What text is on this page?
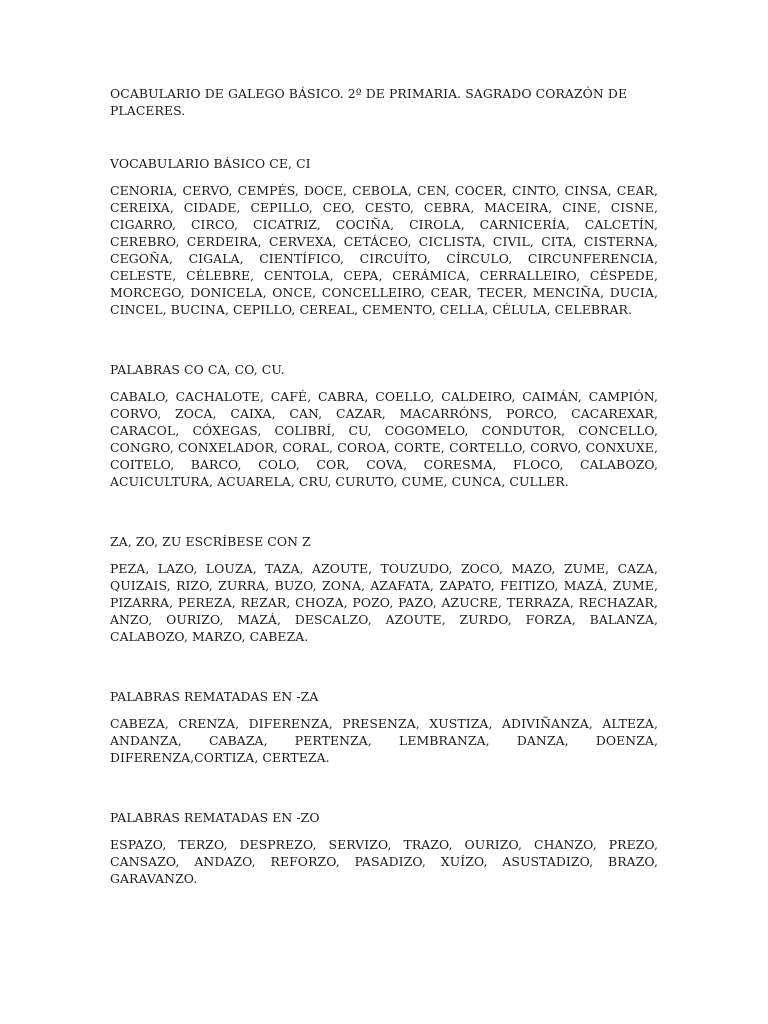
OCABULARIO DE GALEGO BÁSICO. 2º DE PRIMARIA. SAGRADO CORAZÓN DE PLACERES.

VOCABULARIO BÁSICO CE, CI

CENORIA, CERVO, CEMPÉS, DOCE, CEBOLA, CEN, COCER, CINTO, CINSA, CEAR, CEREIXA, CIDADE, CEPILLO, CEO, CESTO, CEBRA, MACEIRA, CINE, CISNE, CIGARRO, CIRCO, CICATRIZ, COCIÑA, CIROLA, CARNICERÍA, CALCETÍN, CEREBRO, CERDEIRA, CERVEXA, CETÁCEO, CICLISTA, CIVIL, CITA, CISTERNA, CEGOÑA, CIGALA, CIENTÍFICO, CIRCUÍTO, CÍRCULO, CIRCUNFERENCIA, CELESTE, CÉLEBRE, CENTOLA, CEPA, CERÁMICA, CERRALLEIRO, CÉSPEDE, MORCEGO, DONICELA, ONCE, CONCELLEIRO, CEAR, TECER, MENCIÑA, DUCIA, CINCEL, BUCINA, CEPILLO, CEREAL, CEMENTO, CELLA, CÉLULA, CELEBRAR.

PALABRAS CO CA, CO, CU.

CABALO, CACHALOTE, CAFÉ, CABRA, COELLO, CALDEIRO, CAIMÁN, CAMPIÓN, CORVO, ZOCA, CAIXA, CAN, CAZAR, MACARRÓNS, PORCO, CACAREXAR, CARACOL, CÓXEGAS, COLIBRÍ, CU, COGOMELO, CONDUTOR, CONCELLO, CONGRO, CONXELADOR, CORAL, COROA, CORTE, CORTELLO, CORVO, CONXUXE, COITELO, BARCO, COLO, COR, COVA, CORESMA, FLOCO, CALABOZO, ACUICULTURA, ACUARELA, CRU, CURUTO, CUME, CUNCA, CULLER.

ZA, ZO, ZU ESCRÍBESE CON Z

PEZA, LAZO, LOUZA, TAZA, AZOUTE, TOUZUDO, ZOCO, MAZO, ZUME, CAZA, QUIZAIS, RIZO, ZURRA, BUZO, ZONA, AZAFATA, ZAPATO, FEITIZO, MAZÁ, ZUME, PIZARRA, PEREZA, REZAR, CHOZA, POZO, PAZO, AZUCRE, TERRAZA, RECHAZAR, ANZO, OURIZO, MAZÁ, DESCALZO, AZOUTE, ZURDO, FORZA, BALANZA, CALABOZO, MARZO, CABEZA.

PALABRAS REMATADAS EN -ZA

CABEZA, CRENZA, DIFERENZA, PRESENZA, XUSTIZA, ADIVIÑANZA, ALTEZA, ANDANZA, CABAZA, PERTENZA, LEMBRANZA, DANZA, DOENZA, DIFERENZA,CORTIZA, CERTEZA.

PALABRAS REMATADAS EN -ZO

ESPAZO, TERZO, DESPREZO, SERVIZO, TRAZO, OURIZO, CHANZO, PREZO, CANSAZO, ANDAZO, REFORZO, PASADIZO, XUÍZO, ASUSTADIZO, BRAZO, GARAVANZO.
